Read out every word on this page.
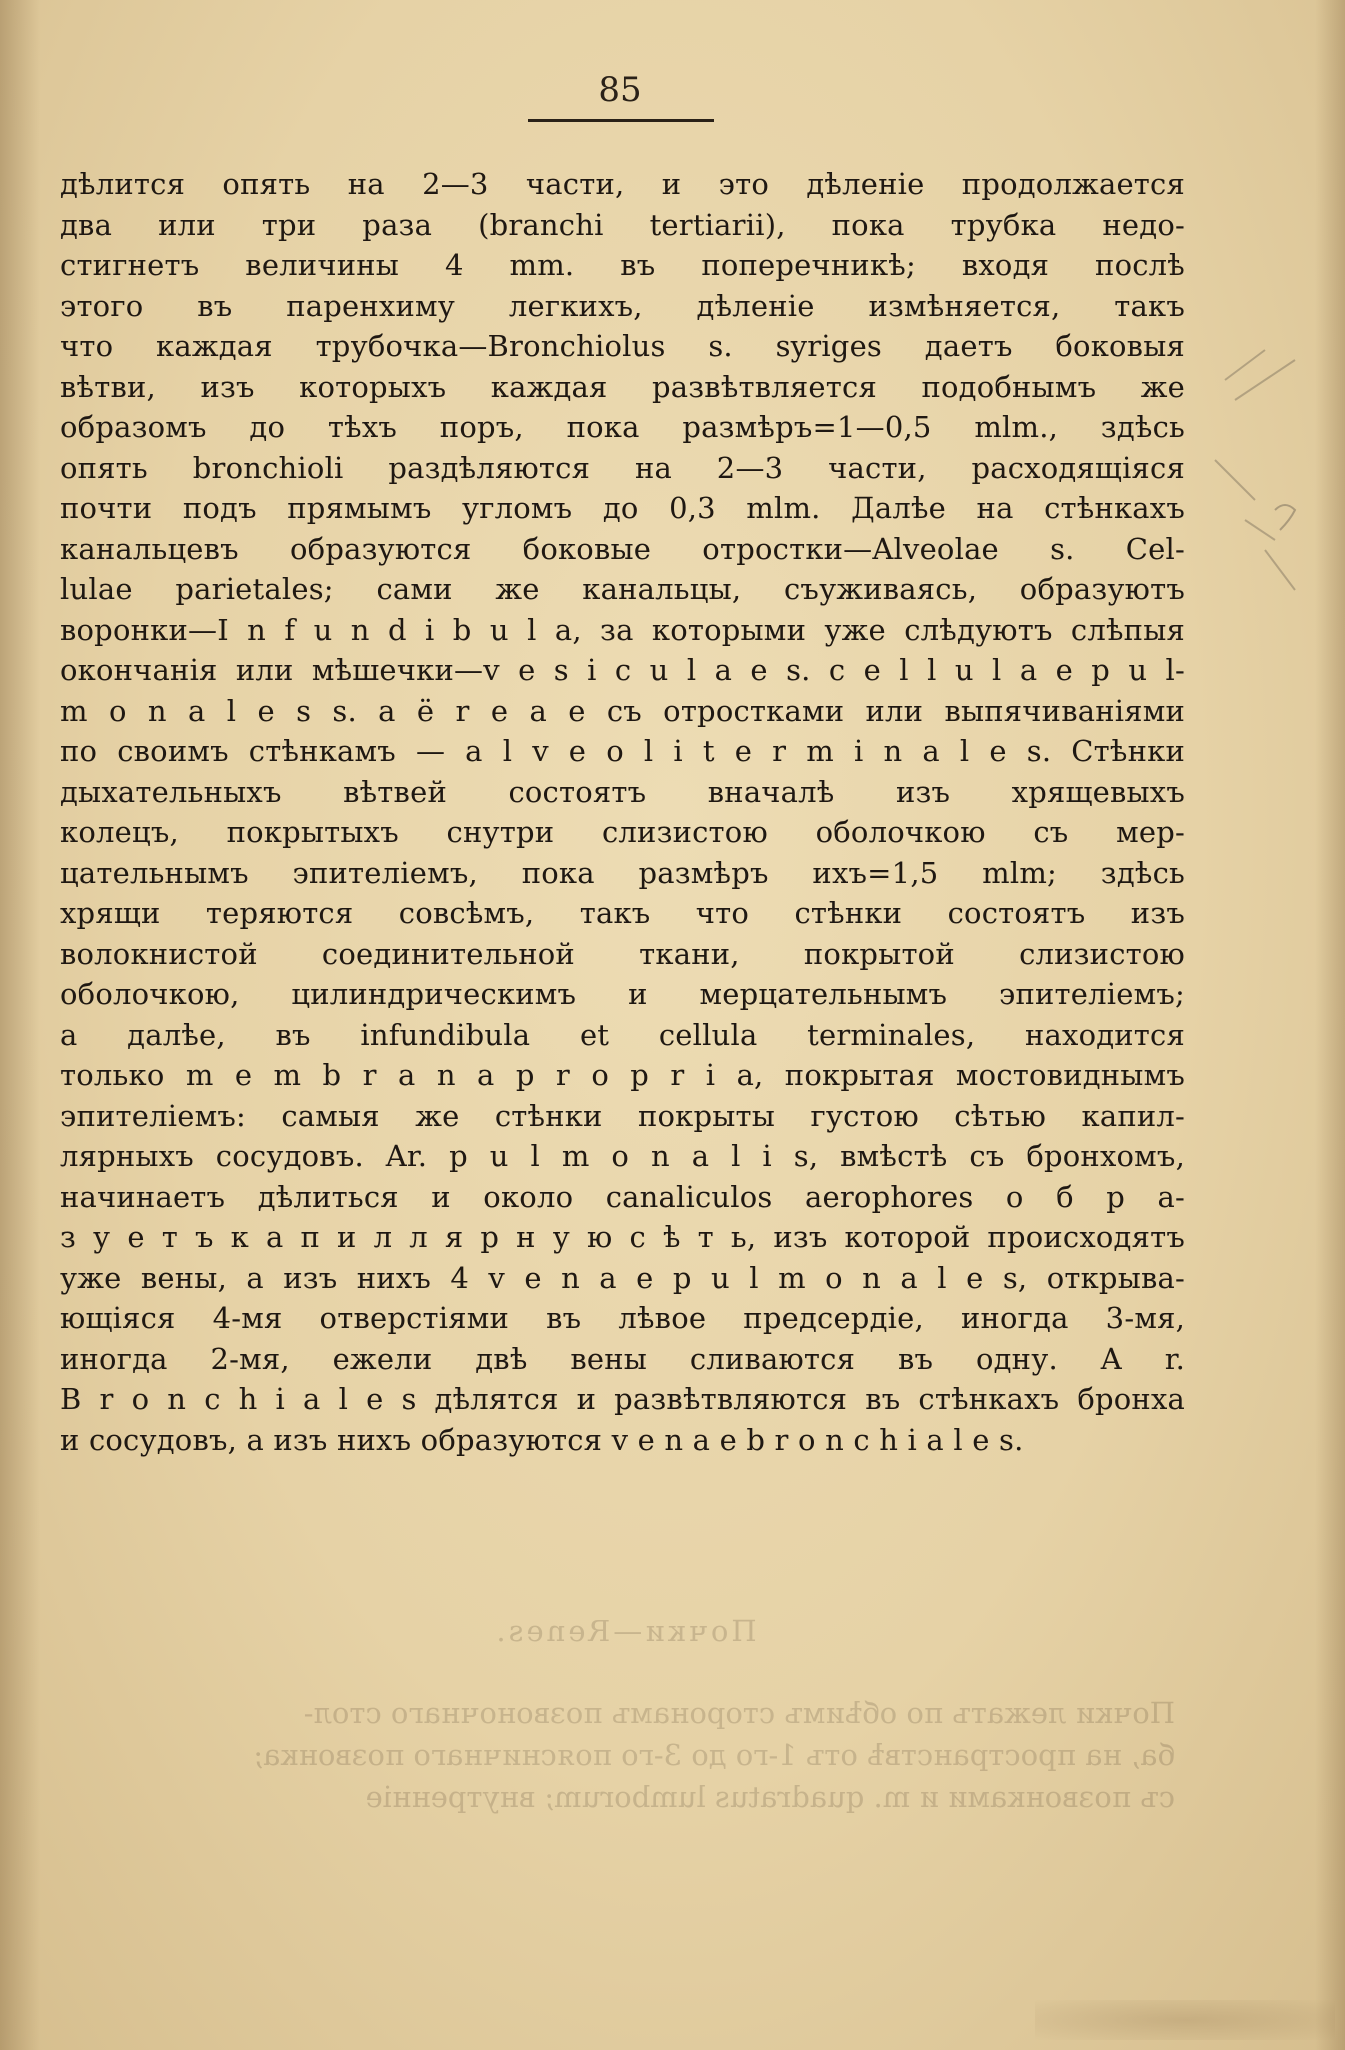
85
дѣлится опять на 2—3 части, и это дѣленіе продолжается
два или три раза (branchi tertiarii), пока трубка недо-
стигнетъ величины 4 mm. въ поперечникѣ; входя послѣ
этого въ паренхиму легкихъ, дѣленіе измѣняется, такъ
что каждая трубочка—Bronchiolus s. syriges даетъ боковыя
вѣтви, изъ которыхъ каждая развѣтвляется подобнымъ же
образомъ до тѣхъ поръ, пока размѣръ=1—0,5 mlm., здѣсь
опять bronchioli раздѣляются на 2—3 части, расходящіяся
почти подъ прямымъ угломъ до 0,3 mlm. Далѣе на стѣнкахъ
канальцевъ образуются боковые отростки—Alveolae s. Cel-
lulae parietales; сами же канальцы, съуживаясь, образуютъ
воронки—I n f u n d i b u l a, за которыми уже слѣдуютъ слѣпыя
окончанія или мѣшечки—v e s i c u l a e s. c e l l u l a e p u l-
m o n a l e s s. a ë r e a e съ отростками или выпячиваніями
по своимъ стѣнкамъ — a l v e o l i t e r m i n a l e s. Стѣнки
дыхательныхъ вѣтвей состоятъ вначалѣ изъ хрящевыхъ
колецъ, покрытыхъ снутри слизистою оболочкою съ мер-
цательнымъ эпителіемъ, пока размѣръ ихъ=1,5 mlm; здѣсь
хрящи теряются совсѣмъ, такъ что стѣнки состоятъ изъ
волокнистой соединительной ткани, покрытой слизистою
оболочкою, цилиндрическимъ и мерцательнымъ эпителіемъ;
а далѣе, въ infundibula et cellula terminales, находится
только m e m b r a n a p r o p r i a, покрытая мостовиднымъ
эпителіемъ: самыя же стѣнки покрыты густою сѣтью капил-
лярныхъ сосудовъ. Ar. p u l m o n a l i s, вмѣстѣ съ бронхомъ,
начинаетъ дѣлиться и около canaliculos aerophores о б р а-
з у е т ъ к а п и л л я р н у ю с ѣ т ь, изъ которой происходятъ
уже вены, а изъ нихъ 4 v e n a e p u l m o n a l e s, открыва-
ющіяся 4-мя отверстіями въ лѣвое предсердіе, иногда 3-мя,
иногда 2-мя, ежели двѣ вены сливаются въ одну. A r.
B r o n c h i a l e s дѣлятся и развѣтвляются въ стѣнкахъ бронха
и сосудовъ, а изъ нихъ образуются v e n a e b r o n c h i a l e s.
Почки—Renes.
Почки лежатъ по обѣимъ сторонамъ позвоночнаго стол-
ба, на пространствѣ отъ 1-го до 3-го поясничнаго позвонка;
съ позвонками и m. quadratus lumborum; внутренніе
